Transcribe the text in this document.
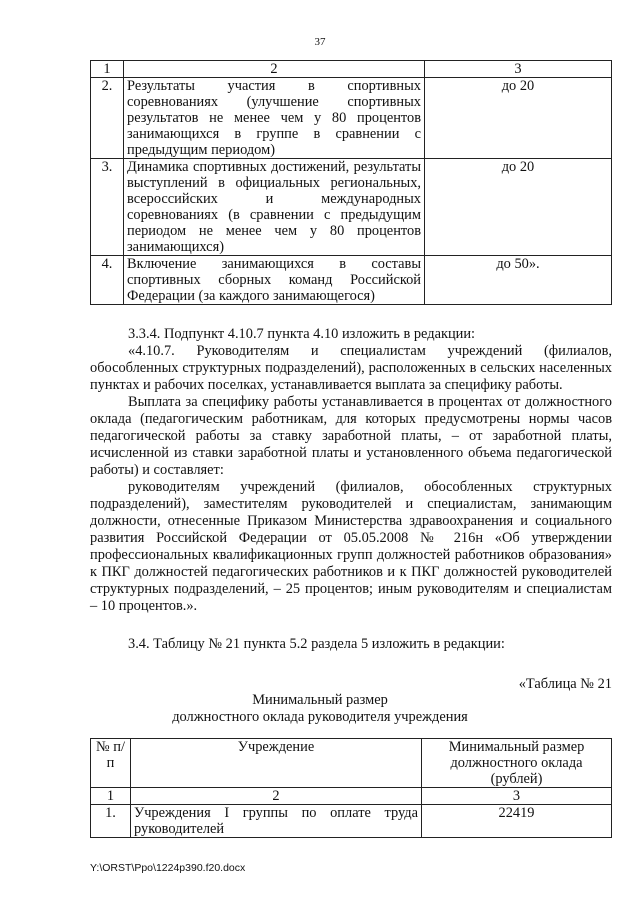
37
1	2	3
2.	Результаты участия в спортивных соревнованиях (улучшение спортивных результатов не менее чем у 80 процентов занимающихся в группе в сравнении с предыдущим периодом)	до 20
3.	Динамика спортивных достижений, результаты выступлений в официальных региональных, всероссийских и международных соревнованиях (в сравнении с предыдущим периодом не менее чем у 80 процентов занимающихся)	до 20
4.	Включение занимающихся в составы спортивных сборных команд Российской Федерации (за каждого занимающегося)	до 50».

3.3.4. Подпункт 4.10.7 пункта 4.10 изложить в редакции:

«4.10.7. Руководителям и специалистам учреждений (филиалов, обособленных структурных подразделений), расположенных в сельских населенных пунктах и рабочих поселках, устанавливается выплата за специфику работы.

Выплата за специфику работы устанавливается в процентах от должностного оклада (педагогическим работникам, для которых предусмотрены нормы часов педагогической работы за ставку заработной платы, – от заработной платы, исчисленной из ставки заработной платы и установленного объема педагогической работы) и составляет:

руководителям учреждений (филиалов, обособленных структурных подразделений), заместителям руководителей и специалистам, занимающим должности, отнесенные Приказом Министерства здравоохранения и социального развития Российской Федерации от 05.05.2008 № 216н «Об утверждении профессиональных квалификационных групп должностей работников образования» к ПКГ должностей педагогических работников и к ПКГ должностей руководителей структурных подразделений, – 25 процентов; иным руководителям и специалистам – 10 процентов.».

3.4. Таблицу № 21 пункта 5.2 раздела 5 изложить в редакции:

«Таблица № 21
Минимальный размер
должностного оклада руководителя учреждения
№ п/п	Учреждение	Минимальный размер должностного оклада (рублей)
1	2	3
1.	Учреждения I группы по оплате труда руководителей	22419
Y:\ORST\Ppo\1224p390.f20.docx
